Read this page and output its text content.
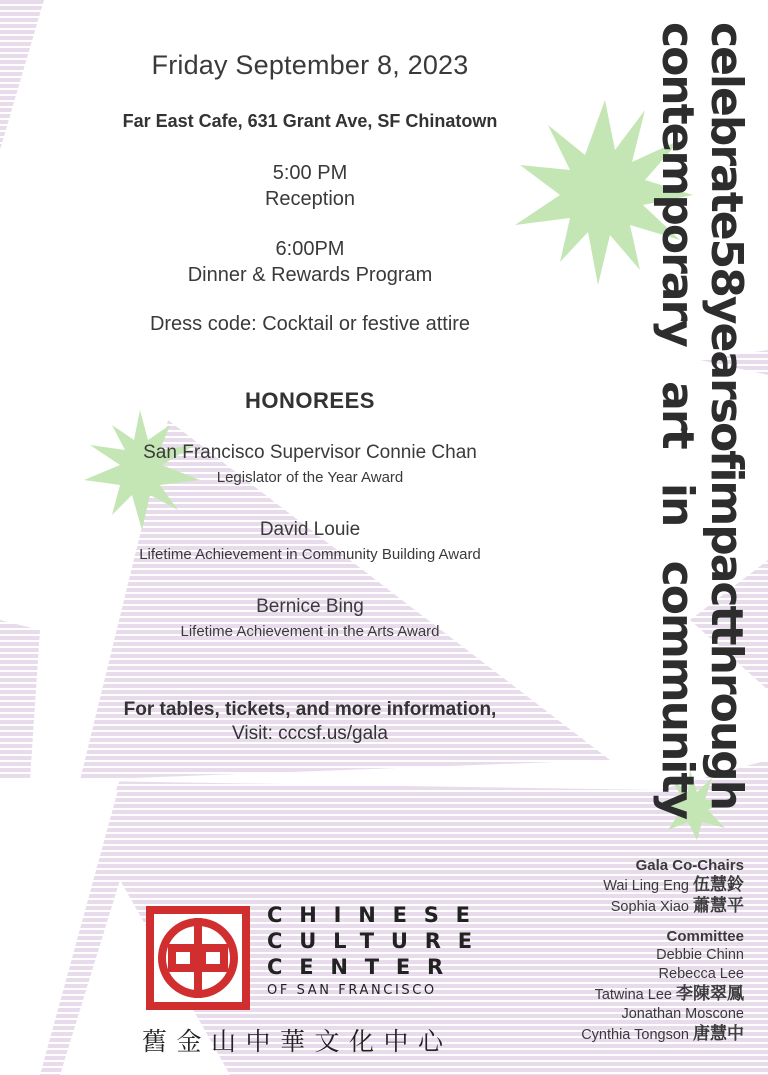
Friday September 8, 2023
Far East Cafe, 631 Grant Ave, SF Chinatown
5:00 PM
Reception
6:00PM
Dinner & Rewards Program
Dress code: Cocktail or festive attire
HONOREES
San Francisco Supervisor Connie Chan
Legislator of the Year Award
David Louie
Lifetime Achievement in Community Building Award
Bernice Bing
Lifetime Achievement in the Arts Award
For tables, tickets, and more information,
Visit: cccsf.us/gala	celebrate58yearsofimpactthrough
contemporary art in community
Gala Co-Chairs
Wai Ling Eng 伍慧鈴
Sophia Xiao 蕭慧平
Committee
Debbie Chinn
Rebecca Lee
Tatwina Lee 李陳翠鳳
Jonathan Moscone
Cynthia Tongson 唐慧中
CHINESE
CULTURE
CENTER
OF SAN FRANCISCO
舊金山中華文化中心
